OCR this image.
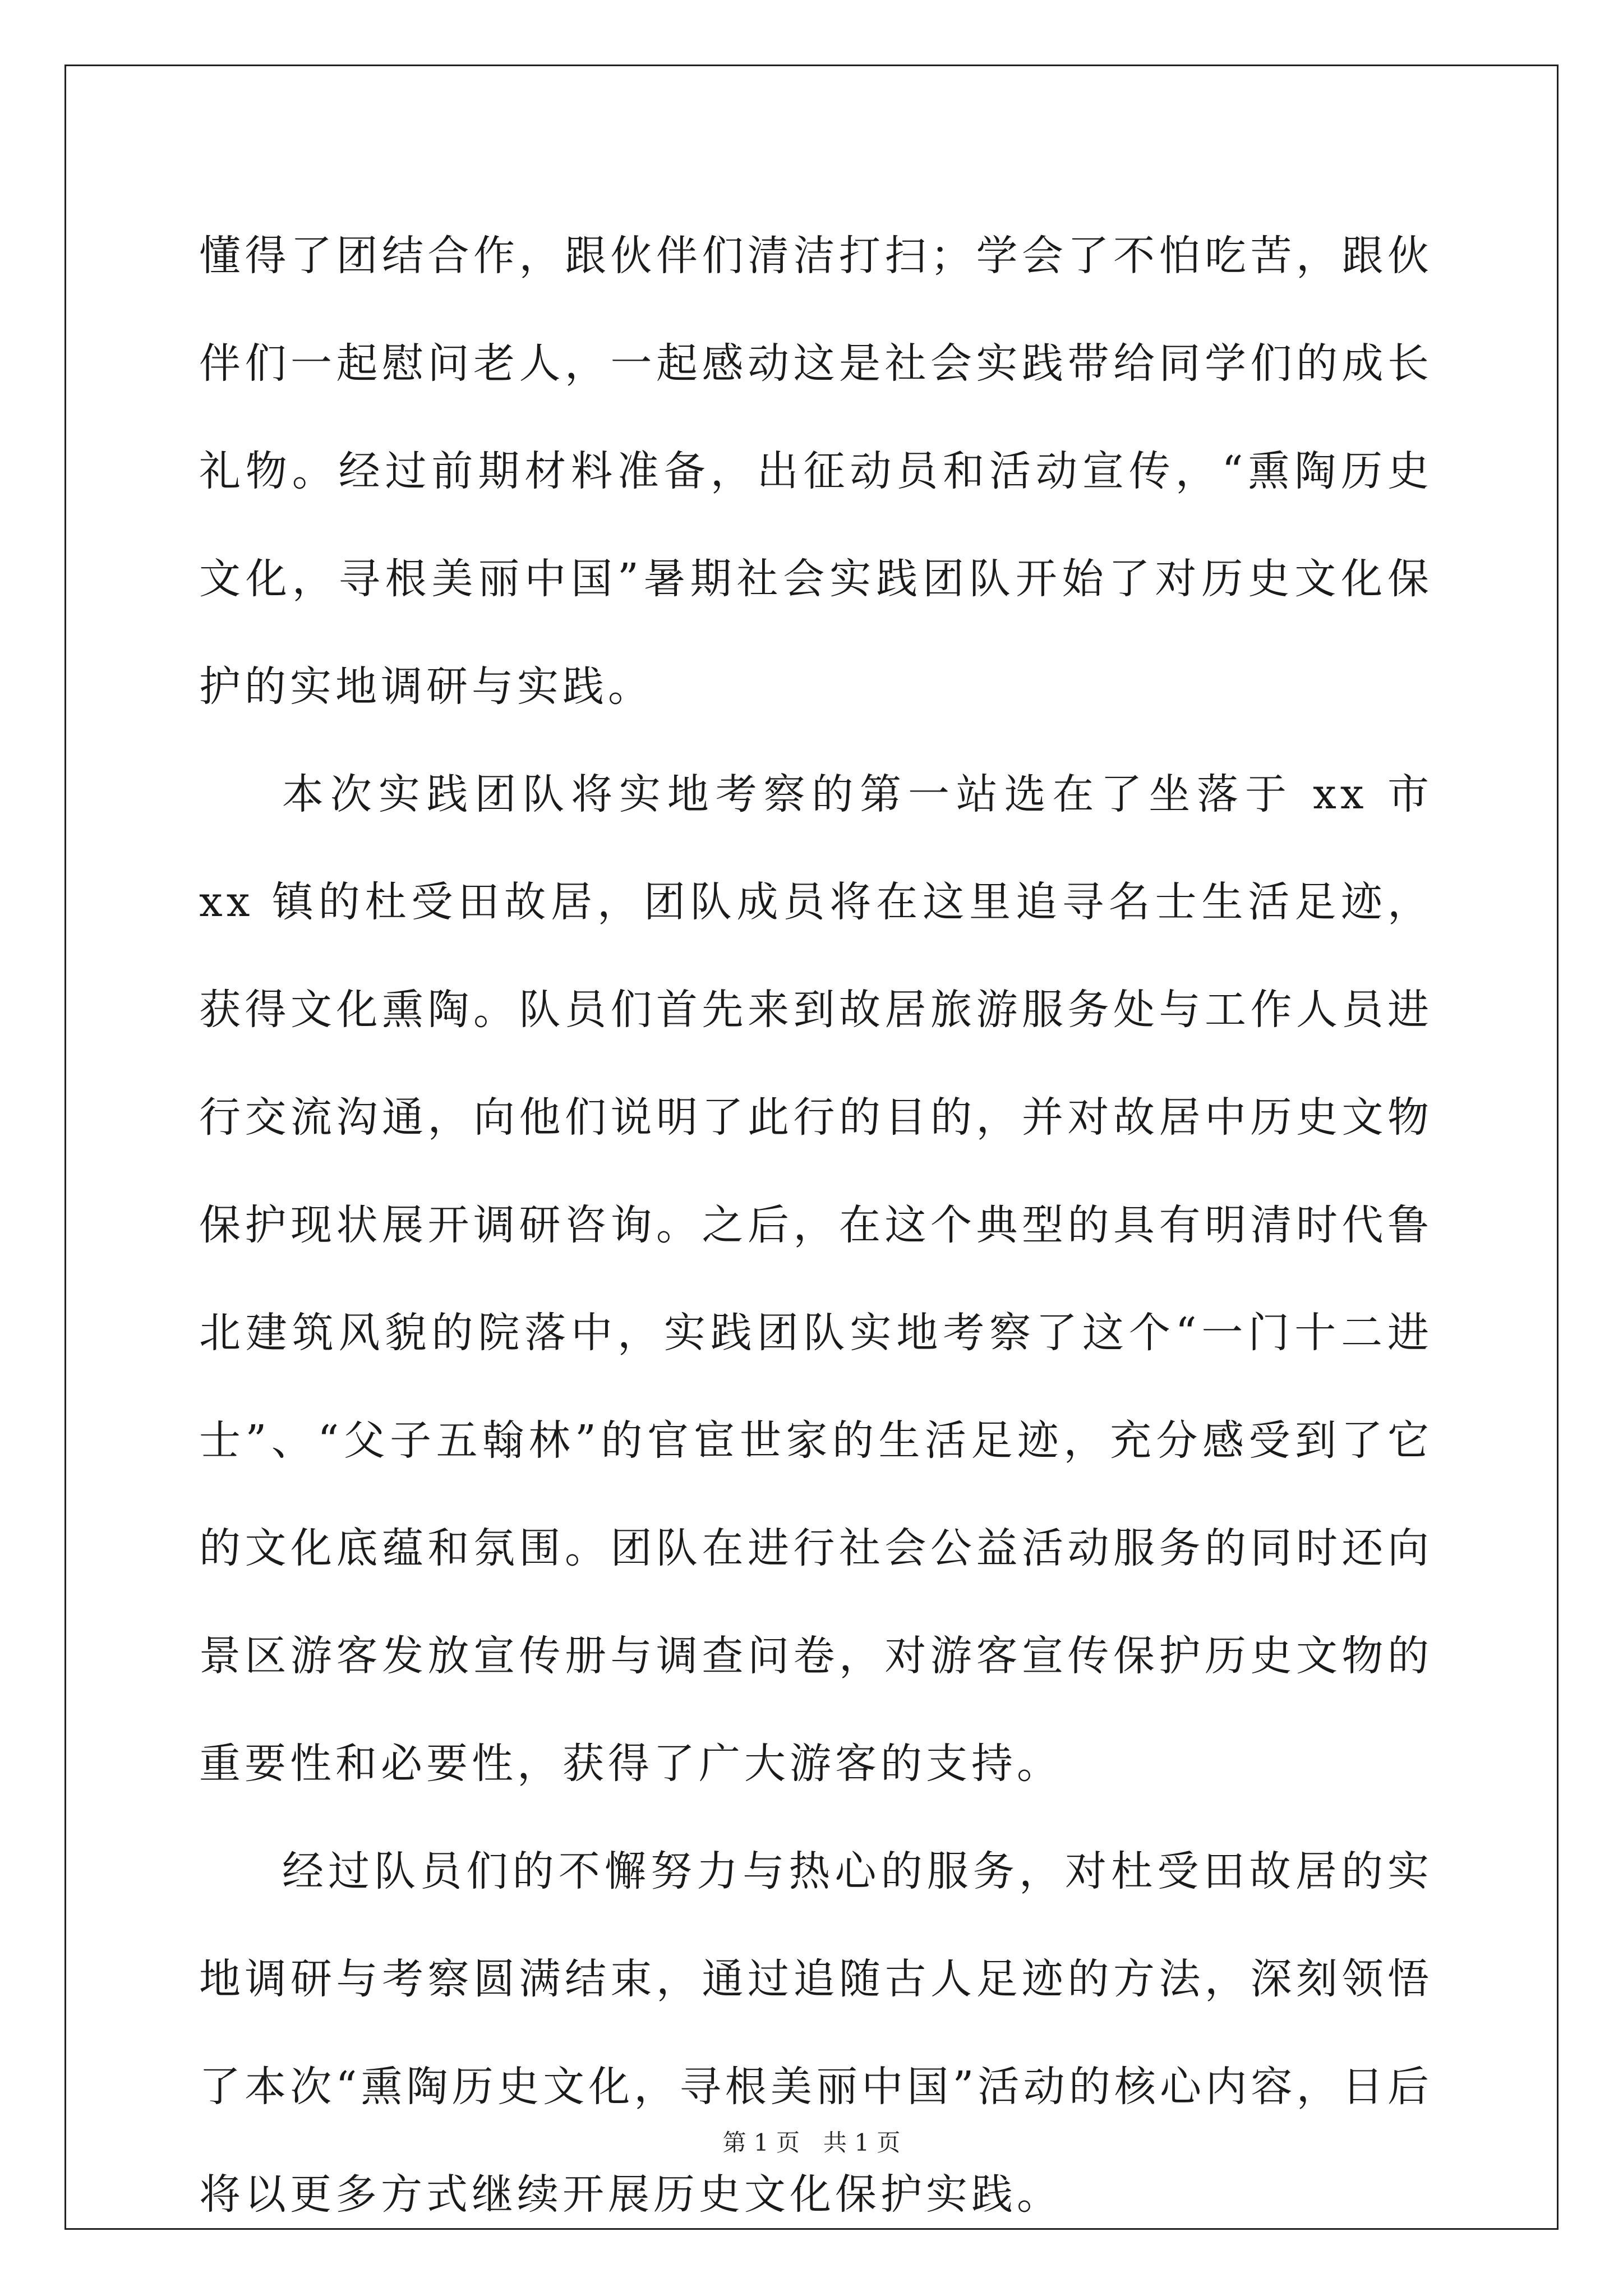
懂得了团结合作，跟伙伴们清洁打扫；学会了不怕吃苦，跟伙伴们一起慰问老人，一起感动这是社会实践带给同学们的成长礼物。经过前期材料准备，出征动员和活动宣传，“熏陶历史文化，寻根美丽中国”暑期社会实践团队开始了对历史文化保护的实地调研与实践。

本次实践团队将实地考察的第一站选在了坐落于 xx 市 xx 镇的杜受田故居，团队成员将在这里追寻名士生活足迹，获得文化熏陶。队员们首先来到故居旅游服务处与工作人员进行交流沟通，向他们说明了此行的目的，并对故居中历史文物保护现状展开调研咨询。之后，在这个典型的具有明清时代鲁北建筑风貌的院落中，实践团队实地考察了这个“一门十二进士”、“父子五翰林”的官宦世家的生活足迹，充分感受到了它的文化底蕴和氛围。团队在进行社会公益活动服务的同时还向景区游客发放宣传册与调查问卷，对游客宣传保护历史文物的重要性和必要性，获得了广大游客的支持。

经过队员们的不懈努力与热心的服务，对杜受田故居的实地调研与考察圆满结束，通过追随古人足迹的方法，深刻领悟了本次“熏陶历史文化，寻根美丽中国”活动的核心内容，日后将以更多方式继续开展历史文化保护实践。

第 1 页　共 1 页
